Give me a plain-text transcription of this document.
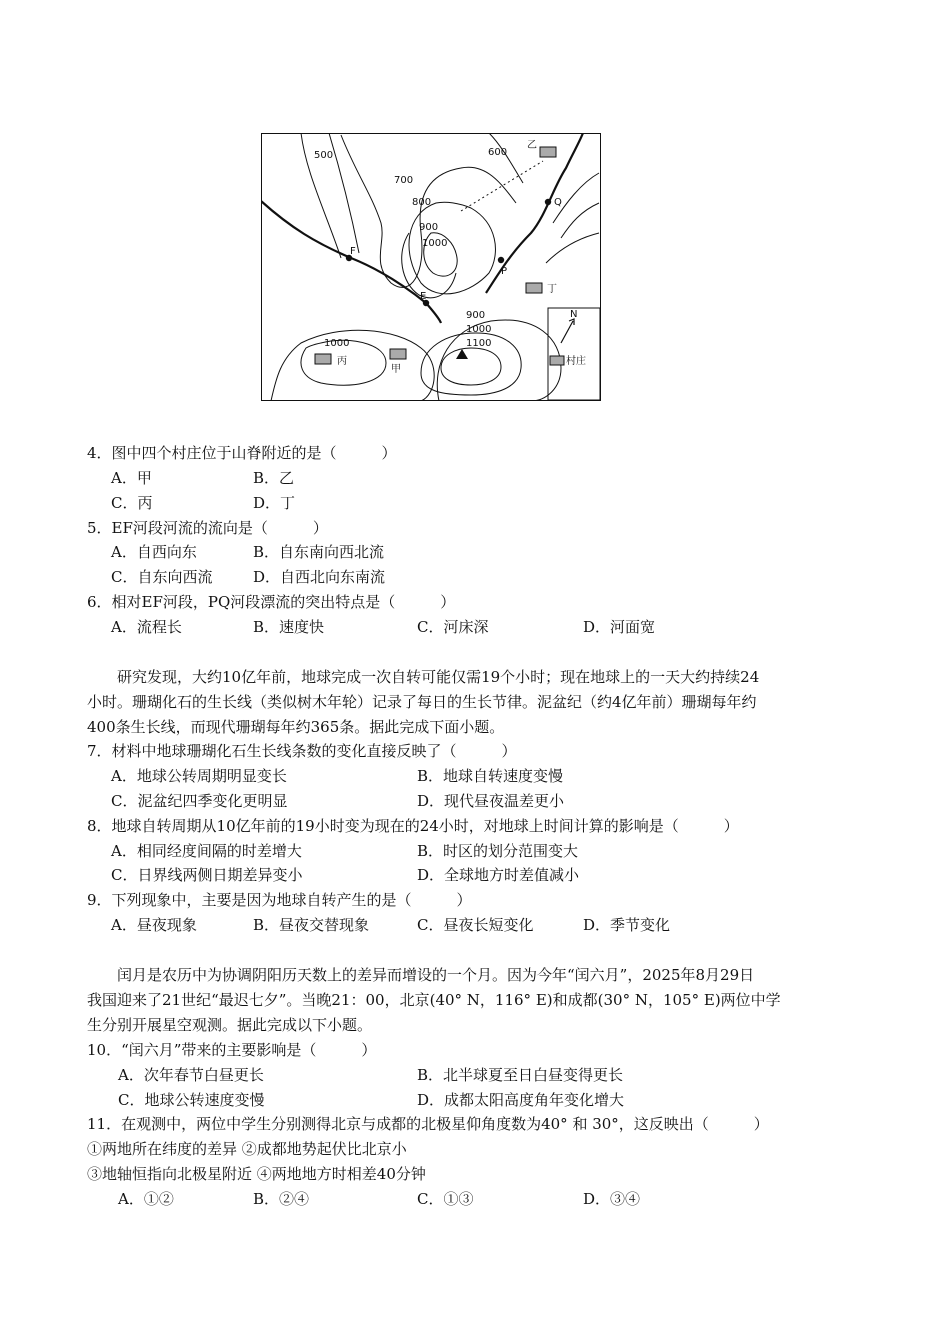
500	600
700
800
900
1000
1000
900
1000
1100
乙
丁
丙
甲
F
E
P
Q
N
村庄
4．图中四个村庄位于山脊附近的是（　　　）
A．甲	B．乙
C．丙	D．丁
5．EF河段河流的流向是（　　　）
A．自西向东	B．自东南向西北流
C．自东向西流	D．自西北向东南流
6．相对EF河段，PQ河段漂流的突出特点是（　　　）
A．流程长	B．速度快	C．河床深	D．河面宽

　　研究发现，大约10亿年前，地球完成一次自转可能仅需19个小时；现在地球上的一天大约持续24

小时。珊瑚化石的生长线（类似树木年轮）记录了每日的生长节律。泥盆纪（约4亿年前）珊瑚每年约

400条生长线，而现代珊瑚每年约365条。据此完成下面小题。

7．材料中地球珊瑚化石生长线条数的变化直接反映了（　　　）
A．地球公转周期明显变长	B．地球自转速度变慢
C．泥盆纪四季变化更明显	D．现代昼夜温差更小
8．地球自转周期从10亿年前的19小时变为现在的24小时，对地球上时间计算的影响是（　　　）
A．相同经度间隔的时差增大	B．时区的划分范围变大
C．日界线两侧日期差异变小	D．全球地方时差值减小
9．下列现象中，主要是因为地球自转产生的是（　　　）
A．昼夜现象	B．昼夜交替现象	C．昼夜长短变化	D．季节变化

　　闰月是农历中为协调阴阳历天数上的差异而增设的一个月。因为今年“闰六月”，2025年8月29日

我国迎来了21世纪“最迟七夕”。当晚21：00，北京(40° N，116° E)和成都(30° N，105° E)两位中学

生分别开展星空观测。据此完成以下小题。

10．“闰六月”带来的主要影响是（　　　）
A．次年春节白昼更长	B．北半球夏至日白昼变得更长
C．地球公转速度变慢	D．成都太阳高度角年变化增大
11．在观测中，两位中学生分别测得北京与成都的北极星仰角度数为40° 和 30°，这反映出（　　　）
①两地所在纬度的差异 ②成都地势起伏比北京小
③地轴恒指向北极星附近 ④两地地方时相差40分钟
A．①②	B．②④	C．①③	D．③④
